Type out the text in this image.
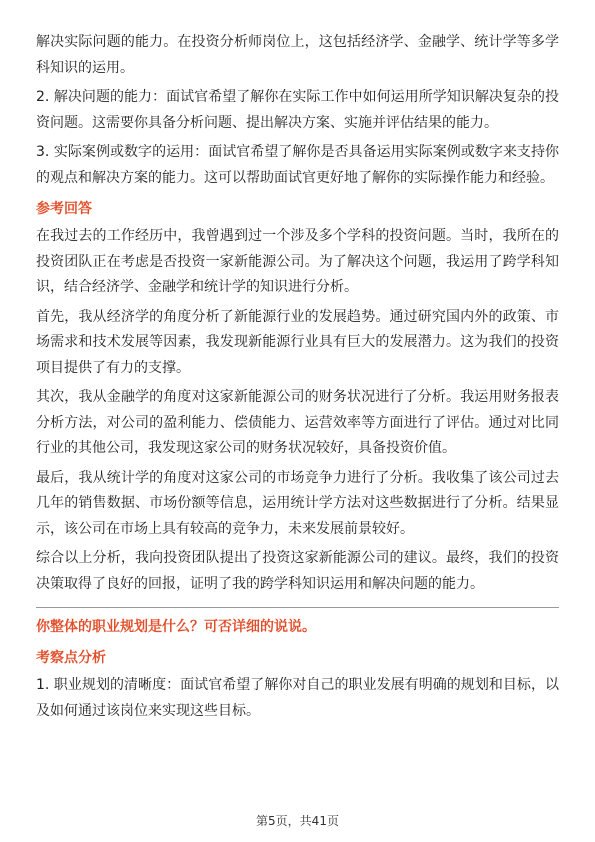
解决实际问题的能力。在投资分析师岗位上，这包括经济学、金融学、统计学等多学科知识的运用。

2. 解决问题的能力：面试官希望了解你在实际工作中如何运用所学知识解决复杂的投资问题。这需要你具备分析问题、提出解决方案、实施并评估结果的能力。

3. 实际案例或数字的运用：面试官希望了解你是否具备运用实际案例或数字来支持你的观点和解决方案的能力。这可以帮助面试官更好地了解你的实际操作能力和经验。

参考回答

在我过去的工作经历中，我曾遇到过一个涉及多个学科的投资问题。当时，我所在的投资团队正在考虑是否投资一家新能源公司。为了解决这个问题，我运用了跨学科知识，结合经济学、金融学和统计学的知识进行分析。

首先，我从经济学的角度分析了新能源行业的发展趋势。通过研究国内外的政策、市场需求和技术发展等因素，我发现新能源行业具有巨大的发展潜力。这为我们的投资项目提供了有力的支撑。

其次，我从金融学的角度对这家新能源公司的财务状况进行了分析。我运用财务报表分析方法，对公司的盈利能力、偿债能力、运营效率等方面进行了评估。通过对比同行业的其他公司，我发现这家公司的财务状况较好，具备投资价值。

最后，我从统计学的角度对这家公司的市场竞争力进行了分析。我收集了该公司过去几年的销售数据、市场份额等信息，运用统计学方法对这些数据进行了分析。结果显示，该公司在市场上具有较高的竞争力，未来发展前景较好。

综合以上分析，我向投资团队提出了投资这家新能源公司的建议。最终，我们的投资决策取得了良好的回报，证明了我的跨学科知识运用和解决问题的能力。

你整体的职业规划是什么？可否详细的说说。
考察点分析

1. 职业规划的清晰度：面试官希望了解你对自己的职业发展有明确的规划和目标，以及如何通过该岗位来实现这些目标。

第5页，共41页
